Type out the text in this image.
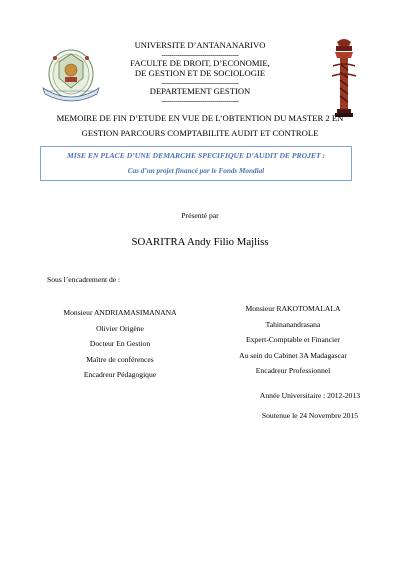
UNIVERSITE D’ANTANANARIVO
--------------------------------------
FACULTE DE DROIT, D’ECONOMIE,
DE GESTION ET DE SOCIOLOGIE
--------------------------------------
DEPARTEMENT GESTION
--------------------------------------
MEMOIRE DE FIN D’ETUDE EN VUE DE L’OBTENTION DU MASTER 2 EN
GESTION PARCOURS COMPTABILITE AUDIT ET CONTROLE
MISE EN PLACE D’UNE DEMARCHE SPECIFIQUE D’AUDIT DE PROJET :
Cas d’un projet financé par le Fonds Mondial
Présenté par
SOARITRA Andy Filio Majliss
Sous l’encadrement de :
Monsieur ANDRIAMASIMANANA
Olivier Origène
Docteur En Gestion
Maître de conférences
Encadreur Pédagogique
Monsieur RAKOTOMALALA
Tahinanandrasana
Expert-Comptable et Financier
Au sein du Cabinet 3A Madagascar
Encadreur Professionnel
Année Universitaire : 2012-2013
Soutenue le 24 Novembre 2015
